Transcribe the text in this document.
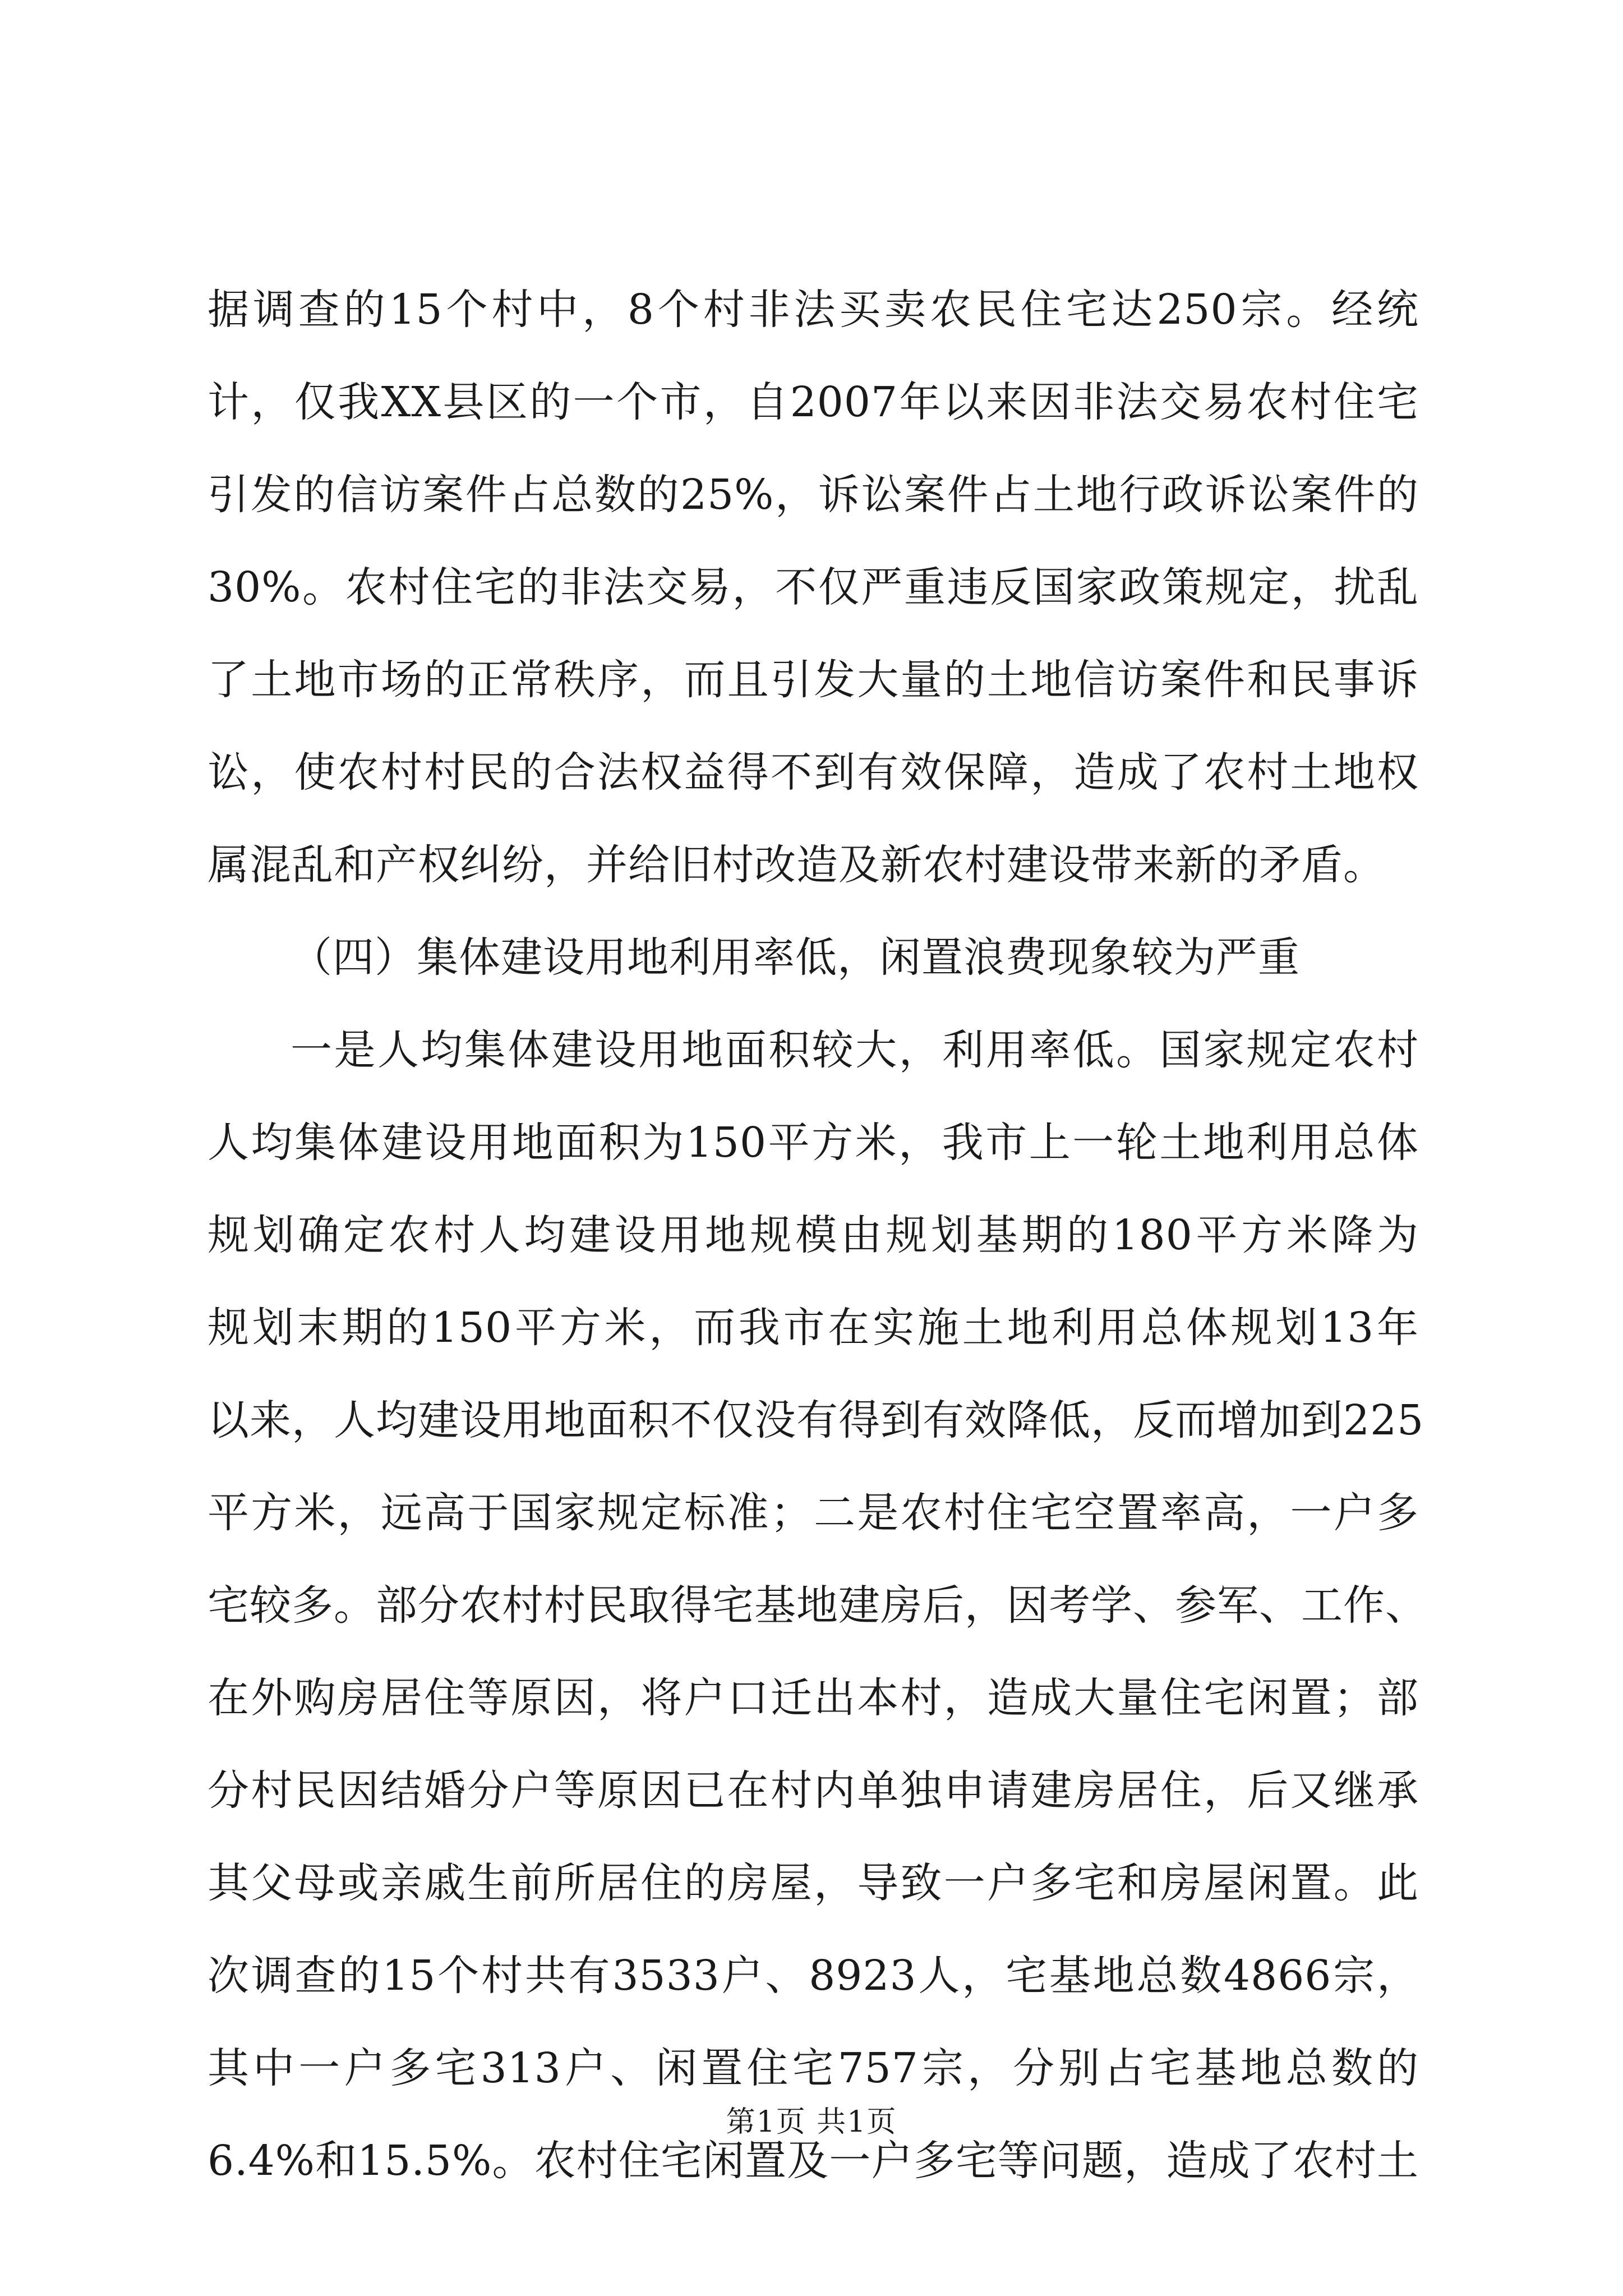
据调查的15个村中，8个村非法买卖农民住宅达250宗。经统
计，仅我XX县区的一个市，自2007年以来因非法交易农村住宅
引发的信访案件占总数的25%，诉讼案件占土地行政诉讼案件的
30%。农村住宅的非法交易，不仅严重违反国家政策规定，扰乱
了土地市场的正常秩序，而且引发大量的土地信访案件和民事诉
讼，使农村村民的合法权益得不到有效保障，造成了农村土地权
属混乱和产权纠纷，并给旧村改造及新农村建设带来新的矛盾。
（四）集体建设用地利用率低，闲置浪费现象较为严重
一是人均集体建设用地面积较大，利用率低。国家规定农村
人均集体建设用地面积为150平方米，我市上一轮土地利用总体
规划确定农村人均建设用地规模由规划基期的180平方米降为
规划末期的150平方米，而我市在实施土地利用总体规划13年
以来，人均建设用地面积不仅没有得到有效降低，反而增加到225
平方米，远高于国家规定标准；二是农村住宅空置率高，一户多
宅较多。部分农村村民取得宅基地建房后，因考学、参军、工作、
在外购房居住等原因，将户口迁出本村，造成大量住宅闲置；部
分村民因结婚分户等原因已在村内单独申请建房居住，后又继承
其父母或亲戚生前所居住的房屋，导致一户多宅和房屋闲置。此
次调查的15个村共有3533户、8923人，宅基地总数4866宗，
其中一户多宅313户、闲置住宅757宗，分别占宅基地总数的
6.4%和15.5%。农村住宅闲置及一户多宅等问题，造成了农村土
第1页 共1页
